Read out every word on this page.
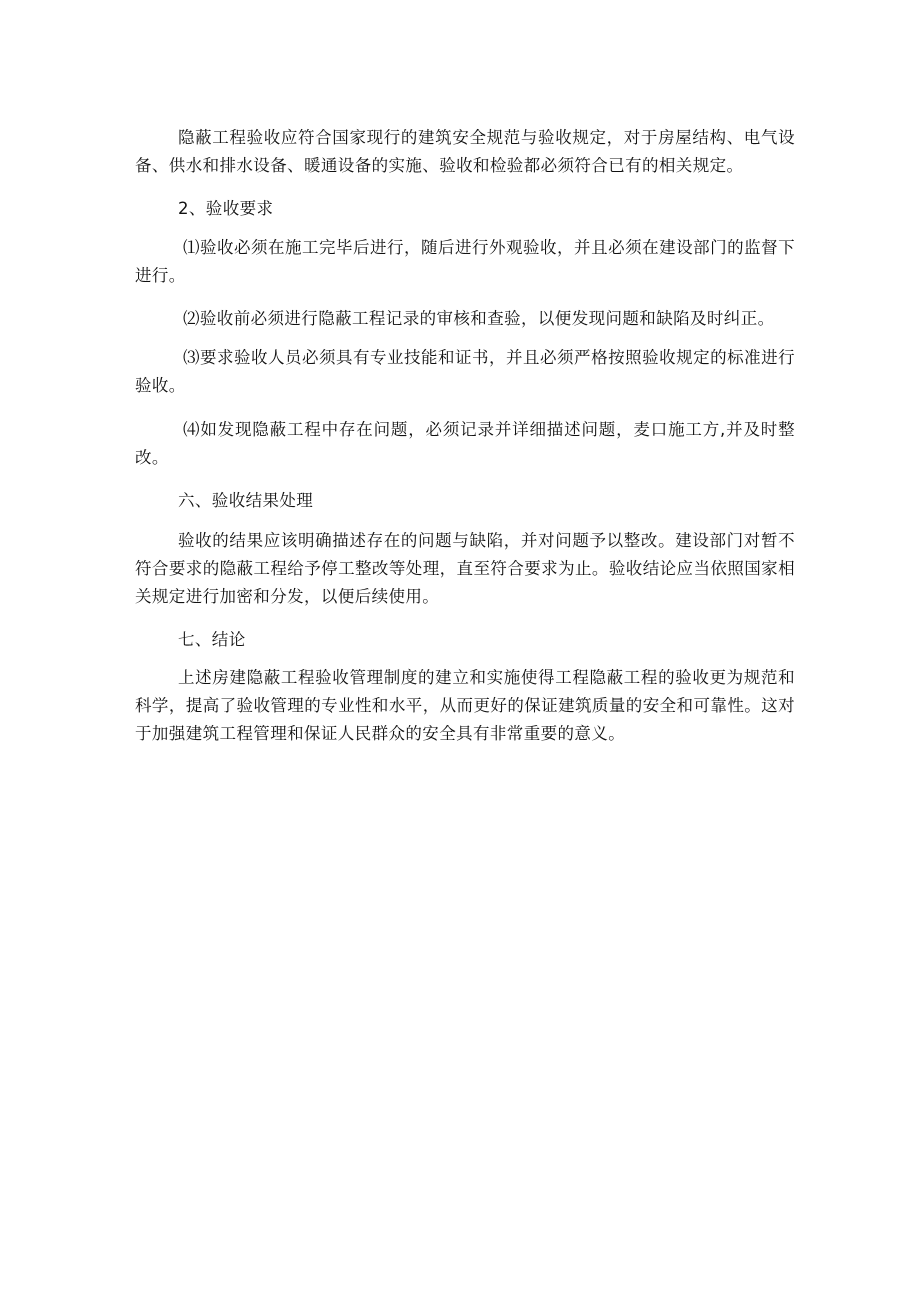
隐蔽工程验收应符合国家现行的建筑安全规范与验收规定，对于房屋结构、电气设备、供水和排水设备、暖通设备的实施、验收和检验都必须符合已有的相关规定。

2、验收要求

⑴验收必须在施工完毕后进行，随后进行外观验收，并且必须在建设部门的监督下进行。

⑵验收前必须进行隐蔽工程记录的审核和查验，以便发现问题和缺陷及时纠正。

⑶要求验收人员必须具有专业技能和证书，并且必须严格按照验收规定的标准进行验收。

⑷如发现隐蔽工程中存在问题，必须记录并详细描述问题，麦口施工方,并及时整改。

六、验收结果处理

验收的结果应该明确描述存在的问题与缺陷，并对问题予以整改。建设部门对暂不符合要求的隐蔽工程给予停工整改等处理，直至符合要求为止。验收结论应当依照国家相关规定进行加密和分发，以便后续使用。

七、结论

上述房建隐蔽工程验收管理制度的建立和实施使得工程隐蔽工程的验收更为规范和科学，提高了验收管理的专业性和水平，从而更好的保证建筑质量的安全和可靠性。这对于加强建筑工程管理和保证人民群众的安全具有非常重要的意义。
